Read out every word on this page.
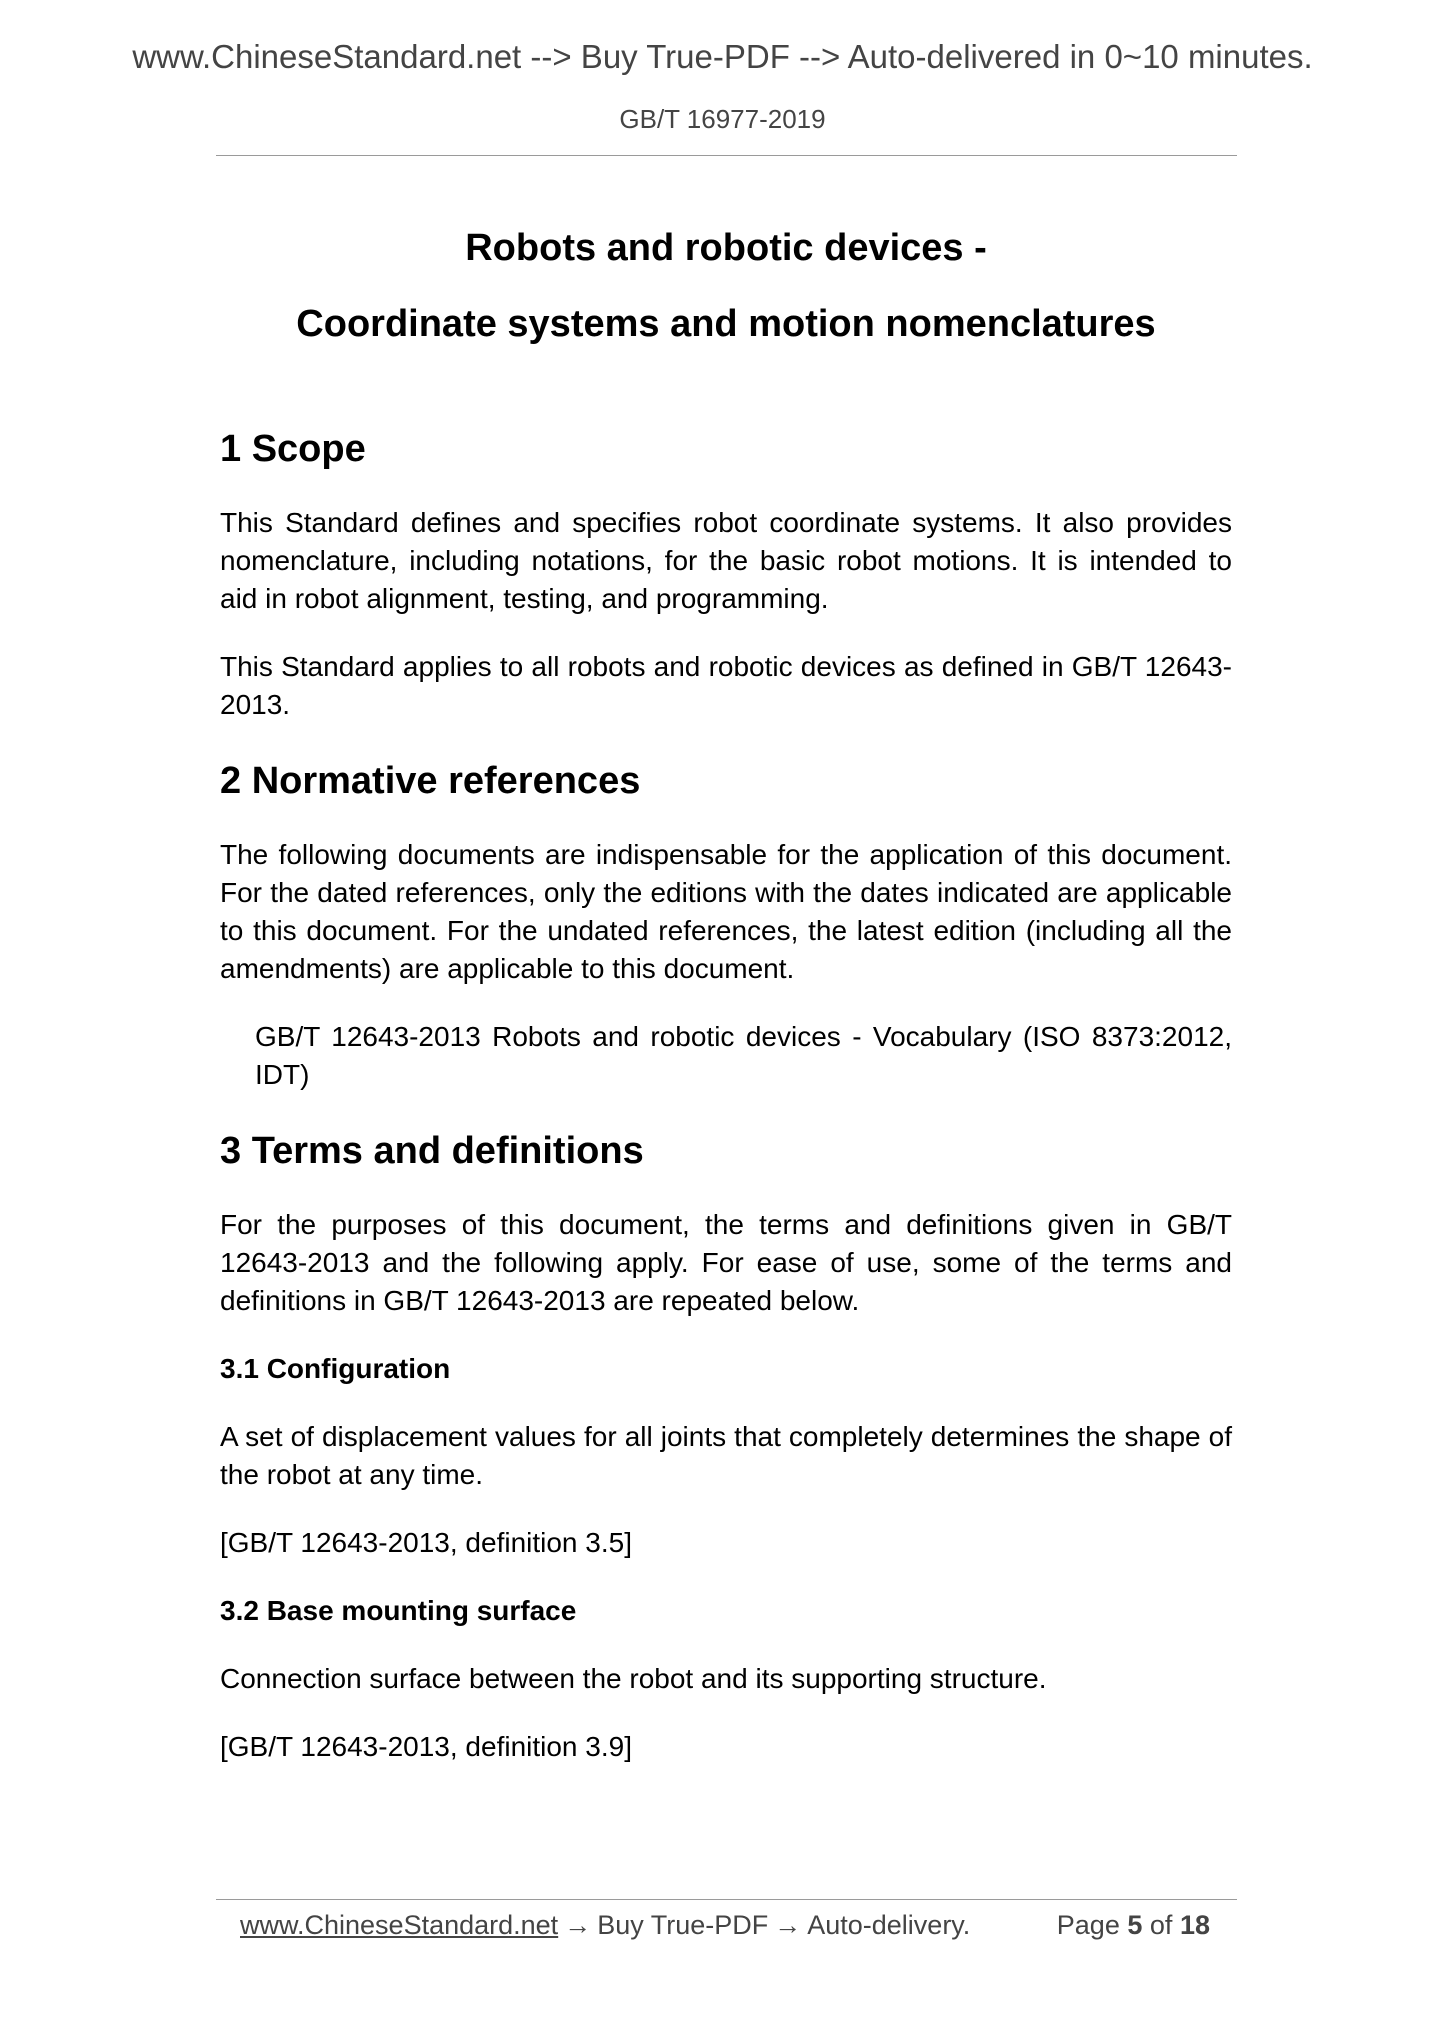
www.ChineseStandard.net --> Buy True-PDF --> Auto-delivered in 0~10 minutes.
GB/T 16977-2019
Robots and robotic devices -
Coordinate systems and motion nomenclatures
1 Scope

This Standard defines and specifies robot coordinate systems. It also provides nomenclature, including notations, for the basic robot motions. It is intended to aid in robot alignment, testing, and programming.

This Standard applies to all robots and robotic devices as defined in GB/T 12643-2013.

2 Normative references

The following documents are indispensable for the application of this document. For the dated references, only the editions with the dates indicated are applicable to this document. For the undated references, the latest edition (including all the amendments) are applicable to this document.

GB/T 12643-2013 Robots and robotic devices - Vocabulary (ISO 8373:2012, IDT)

3 Terms and definitions

For the purposes of this document, the terms and definitions given in GB/T 12643-2013 and the following apply. For ease of use, some of the terms and definitions in GB/T 12643-2013 are repeated below.

3.1 Configuration

A set of displacement values for all joints that completely determines the shape of the robot at any time.

[GB/T 12643-2013, definition 3.5]

3.2 Base mounting surface

Connection surface between the robot and its supporting structure.

[GB/T 12643-2013, definition 3.9]

www.ChineseStandard.net → Buy True-PDF → Auto-delivery.	Page 5 of 18
